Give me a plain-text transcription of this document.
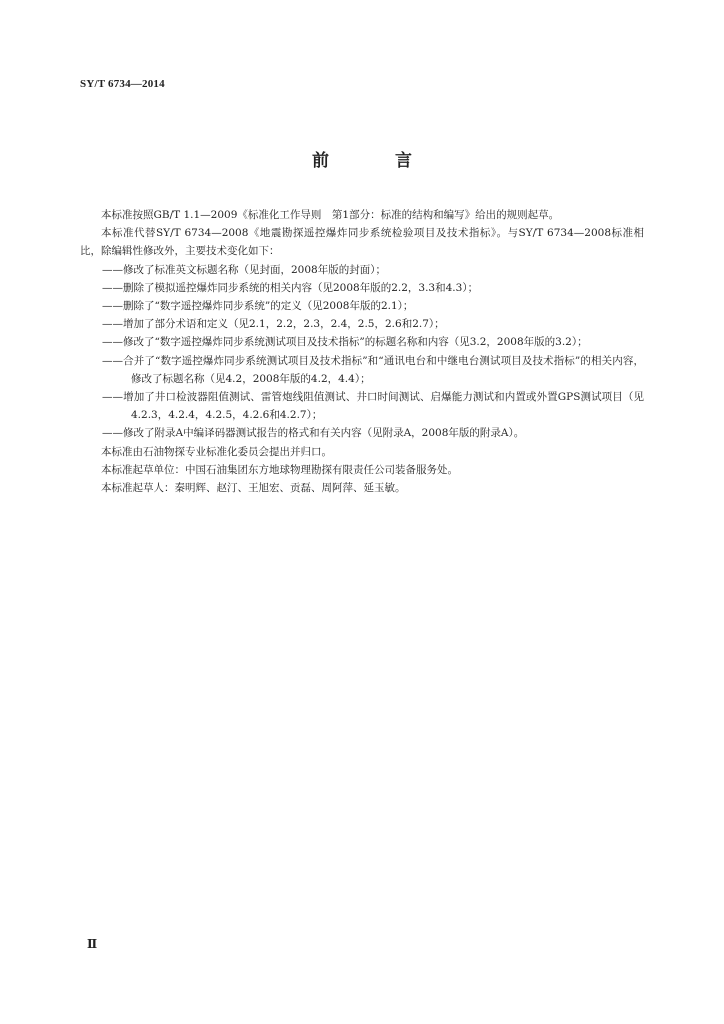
SY/T 6734—2014
前 言

本标准按照GB/T 1.1—2009《标准化工作导则　第1部分：标准的结构和编写》给出的规则起草。

本标准代替SY/T 6734—2008《地震勘探遥控爆炸同步系统检验项目及技术指标》。与SY/T 6734—2008标准相比，除编辑性修改外，主要技术变化如下：

——修改了标准英文标题名称（见封面，2008年版的封面）；

——删除了模拟遥控爆炸同步系统的相关内容（见2008年版的2.2，3.3和4.3）；

——删除了“数字遥控爆炸同步系统”的定义（见2008年版的2.1）；

——增加了部分术语和定义（见2.1，2.2，2.3，2.4，2.5，2.6和2.7）；

——修改了“数字遥控爆炸同步系统测试项目及技术指标”的标题名称和内容（见3.2，2008年版的3.2）；

——合并了“数字遥控爆炸同步系统测试项目及技术指标”和“通讯电台和中继电台测试项目及技术指标”的相关内容，修改了标题名称（见4.2，2008年版的4.2，4.4）；

——增加了井口检波器阻值测试、雷管炮线阻值测试、井口时间测试、启爆能力测试和内置或外置GPS测试项目（见4.2.3，4.2.4，4.2.5，4.2.6和4.2.7）；

——修改了附录A中编译码器测试报告的格式和有关内容（见附录A，2008年版的附录A）。

本标准由石油物探专业标准化委员会提出并归口。

本标准起草单位：中国石油集团东方地球物理勘探有限责任公司装备服务处。

本标准起草人：秦明辉、赵汀、王旭宏、贡磊、周阿萍、延玉敏。

Ⅱ
